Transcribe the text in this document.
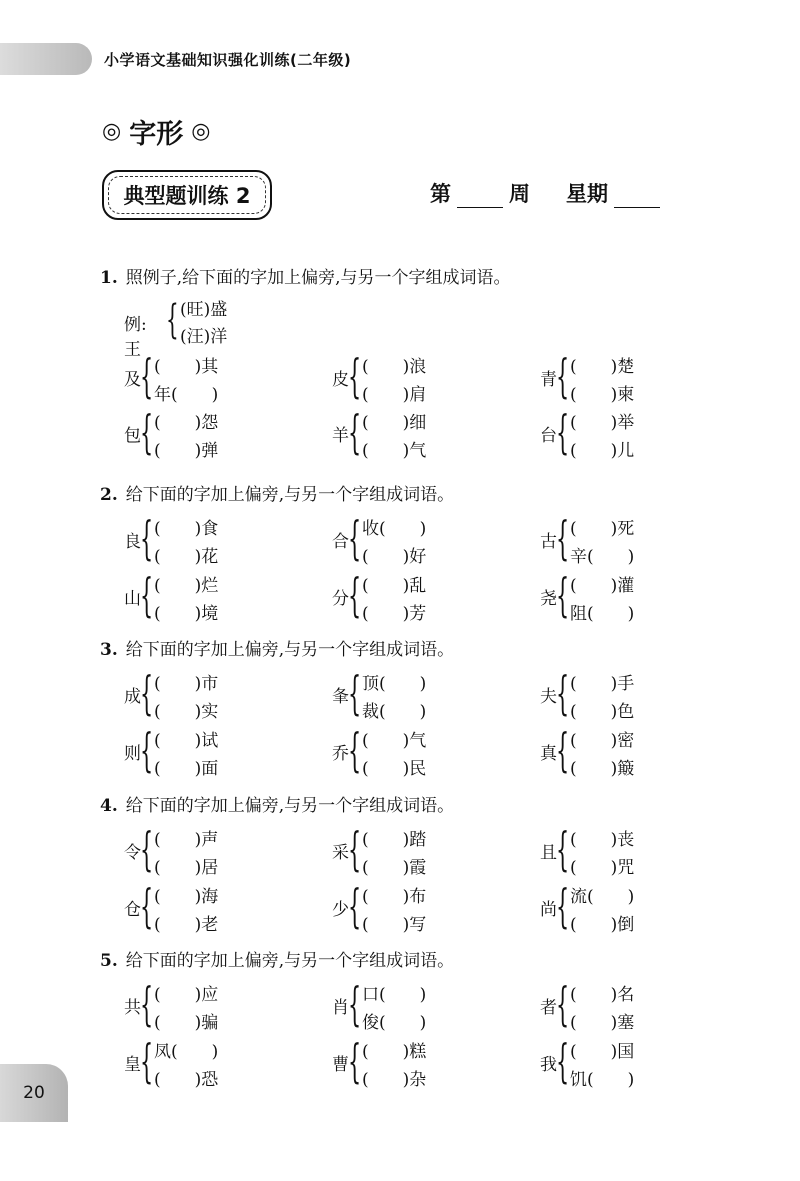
小学语文基础知识强化训练(二年级)
◎ 字形 ◎
典型题训练 2	第	周 星期
1. 照例子,给下面的字加上偏旁,与另一个字组成词语。
例:王
{ (旺)盛
(汪)洋
及 { (　　)其
年(　　)
皮 { (　　)浪
(　　)肩
青 { (　　)楚
(　　)柬
包 { (　　)怨
(　　)弹
羊 { (　　)细
(　　)气
台 { (　　)举
(　　)儿
2. 给下面的字加上偏旁,与另一个字组成词语。
良 { (　　)食
(　　)花
合 { 收(　　)
(　　)好
古 { (　　)死
辛(　　)
山 { (　　)烂
(　　)境
分 { (　　)乱
(　　)芳
尧 { (　　)灌
阻(　　)
3. 给下面的字加上偏旁,与另一个字组成词语。
成 { (　　)市
(　　)实
夆 { 顶(　　)
裁(　　)
夫 { (　　)手
(　　)色
则 { (　　)试
(　　)面
乔 { (　　)气
(　　)民
真 { (　　)密
(　　)簸
4. 给下面的字加上偏旁,与另一个字组成词语。
令 { (　　)声
(　　)居
采 { (　　)踏
(　　)霞
且 { (　　)丧
(　　)咒
仓 { (　　)海
(　　)老
少 { (　　)布
(　　)写
尚 { 流(　　)
(　　)倒
5. 给下面的字加上偏旁,与另一个字组成词语。
共 { (　　)应
(　　)骗
肖 { 口(　　)
俊(　　)
者 { (　　)名
(　　)塞
皇 { 凤(　　)
(　　)恐
曹 { (　　)糕
(　　)杂
我 { (　　)国
饥(　　)
20
